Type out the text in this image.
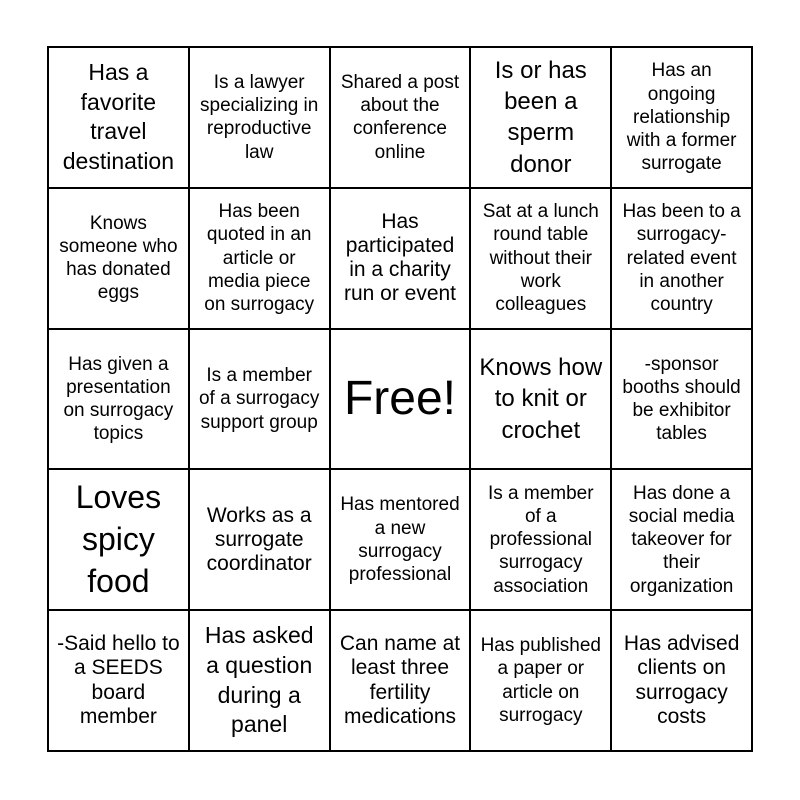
Has a favorite travel destination
Is a lawyer specializing in reproductive law
Shared a post about the conference online
Is or has been a sperm donor
Has an ongoing relationship with a former surrogate
Knows someone who has donated eggs
Has been quoted in an article or media piece on surrogacy
Has participated in a charity run or event
Sat at a lunch round table without their work colleagues
Has been to a surrogacy-related event in another country
Has given a presentation on surrogacy topics
Is a member of a surrogacy support group Free!
Knows how to knit or crochet
-sponsor booths should be exhibitor tables
Loves spicy food
Works as a surrogate coordinator
Has mentored a new surrogacy professional
Is a member of a professional surrogacy association
Has done a social media takeover for their organization
-Said hello to a SEEDS board member
Has asked a question during a panel
Can name at least three fertility medications
Has published a paper or article on surrogacy
Has advised clients on surrogacy costs
